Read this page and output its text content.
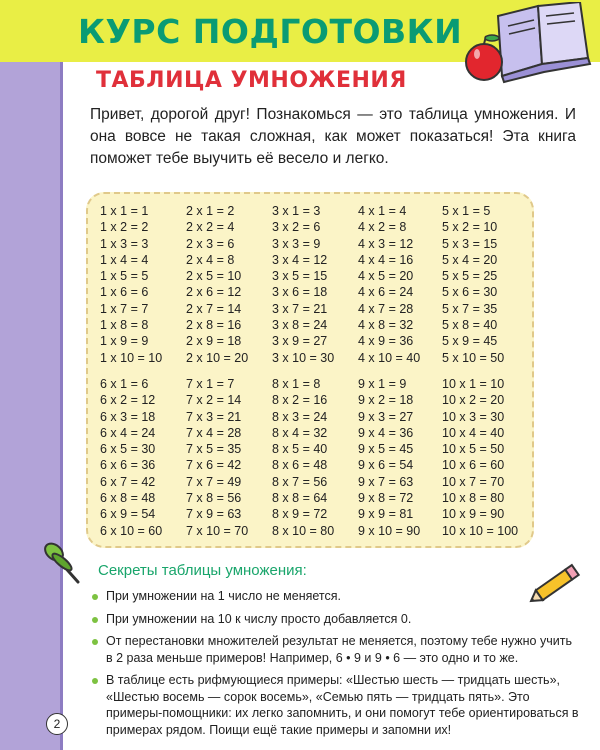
КУРС ПОДГОТОВКИ
ТАБЛИЦА УМНОЖЕНИЯ
Привет, дорогой друг! Познакомься — это таблица умножения. И она вовсе не такая сложная, как может показаться! Эта книга поможет тебе выучить её весело и легко.
1 x 1 = 1
1 x 2 = 2
1 x 3 = 3
1 x 4 = 4
1 x 5 = 5
1 x 6 = 6
1 x 7 = 7
1 x 8 = 8
1 x 9 = 9
1 x 10 = 10
6 x 1 = 6
6 x 2 = 12
6 x 3 = 18
6 x 4 = 24
6 x 5 = 30
6 x 6 = 36
6 x 7 = 42
6 x 8 = 48
6 x 9 = 54
6 x 10 = 60
2 x 1 = 2
2 x 2 = 4
2 x 3 = 6
2 x 4 = 8
2 x 5 = 10
2 x 6 = 12
2 x 7 = 14
2 x 8 = 16
2 x 9 = 18
2 x 10 = 20
7 x 1 = 7
7 x 2 = 14
7 x 3 = 21
7 x 4 = 28
7 x 5 = 35
7 x 6 = 42
7 x 7 = 49
7 x 8 = 56
7 x 9 = 63
7 x 10 = 70
3 x 1 = 3
3 x 2 = 6
3 x 3 = 9
3 x 4 = 12
3 x 5 = 15
3 x 6 = 18
3 x 7 = 21
3 x 8 = 24
3 x 9 = 27
3 x 10 = 30
8 x 1 = 8
8 x 2 = 16
8 x 3 = 24
8 x 4 = 32
8 x 5 = 40
8 x 6 = 48
8 x 7 = 56
8 x 8 = 64
8 x 9 = 72
8 x 10 = 80
4 x 1 = 4
4 x 2 = 8
4 x 3 = 12
4 x 4 = 16
4 x 5 = 20
4 x 6 = 24
4 x 7 = 28
4 x 8 = 32
4 x 9 = 36
4 x 10 = 40
9 x 1 = 9
9 x 2 = 18
9 x 3 = 27
9 x 4 = 36
9 x 5 = 45
9 x 6 = 54
9 x 7 = 63
9 x 8 = 72
9 x 9 = 81
9 x 10 = 90
5 x 1 = 5
5 x 2 = 10
5 x 3 = 15
5 x 4 = 20
5 x 5 = 25
5 x 6 = 30
5 x 7 = 35
5 x 8 = 40
5 x 9 = 45
5 x 10 = 50
10 x 1 = 10
10 x 2 = 20
10 x 3 = 30
10 x 4 = 40
10 x 5 = 50
10 x 6 = 60
10 x 7 = 70
10 x 8 = 80
10 x 9 = 90
10 x 10 = 100
Секреты таблицы умножения:
При умножении на 1 число не меняется.
При умножении на 10 к числу просто добавляется 0.
От перестановки множителей результат не меняется, поэтому тебе нужно учить в 2 раза меньше примеров! Например, 6 • 9 и 9 • 6 — это одно и то же.
В таблице есть рифмующиеся примеры: «Шестью шесть — тридцать шесть», «Шестью восемь — сорок восемь», «Семью пять — тридцать пять». Это примеры-помощники: их легко запомнить, и они помогут тебе ориентироваться в примерах рядом. Поищи ещё такие примеры и запомни их!
2
